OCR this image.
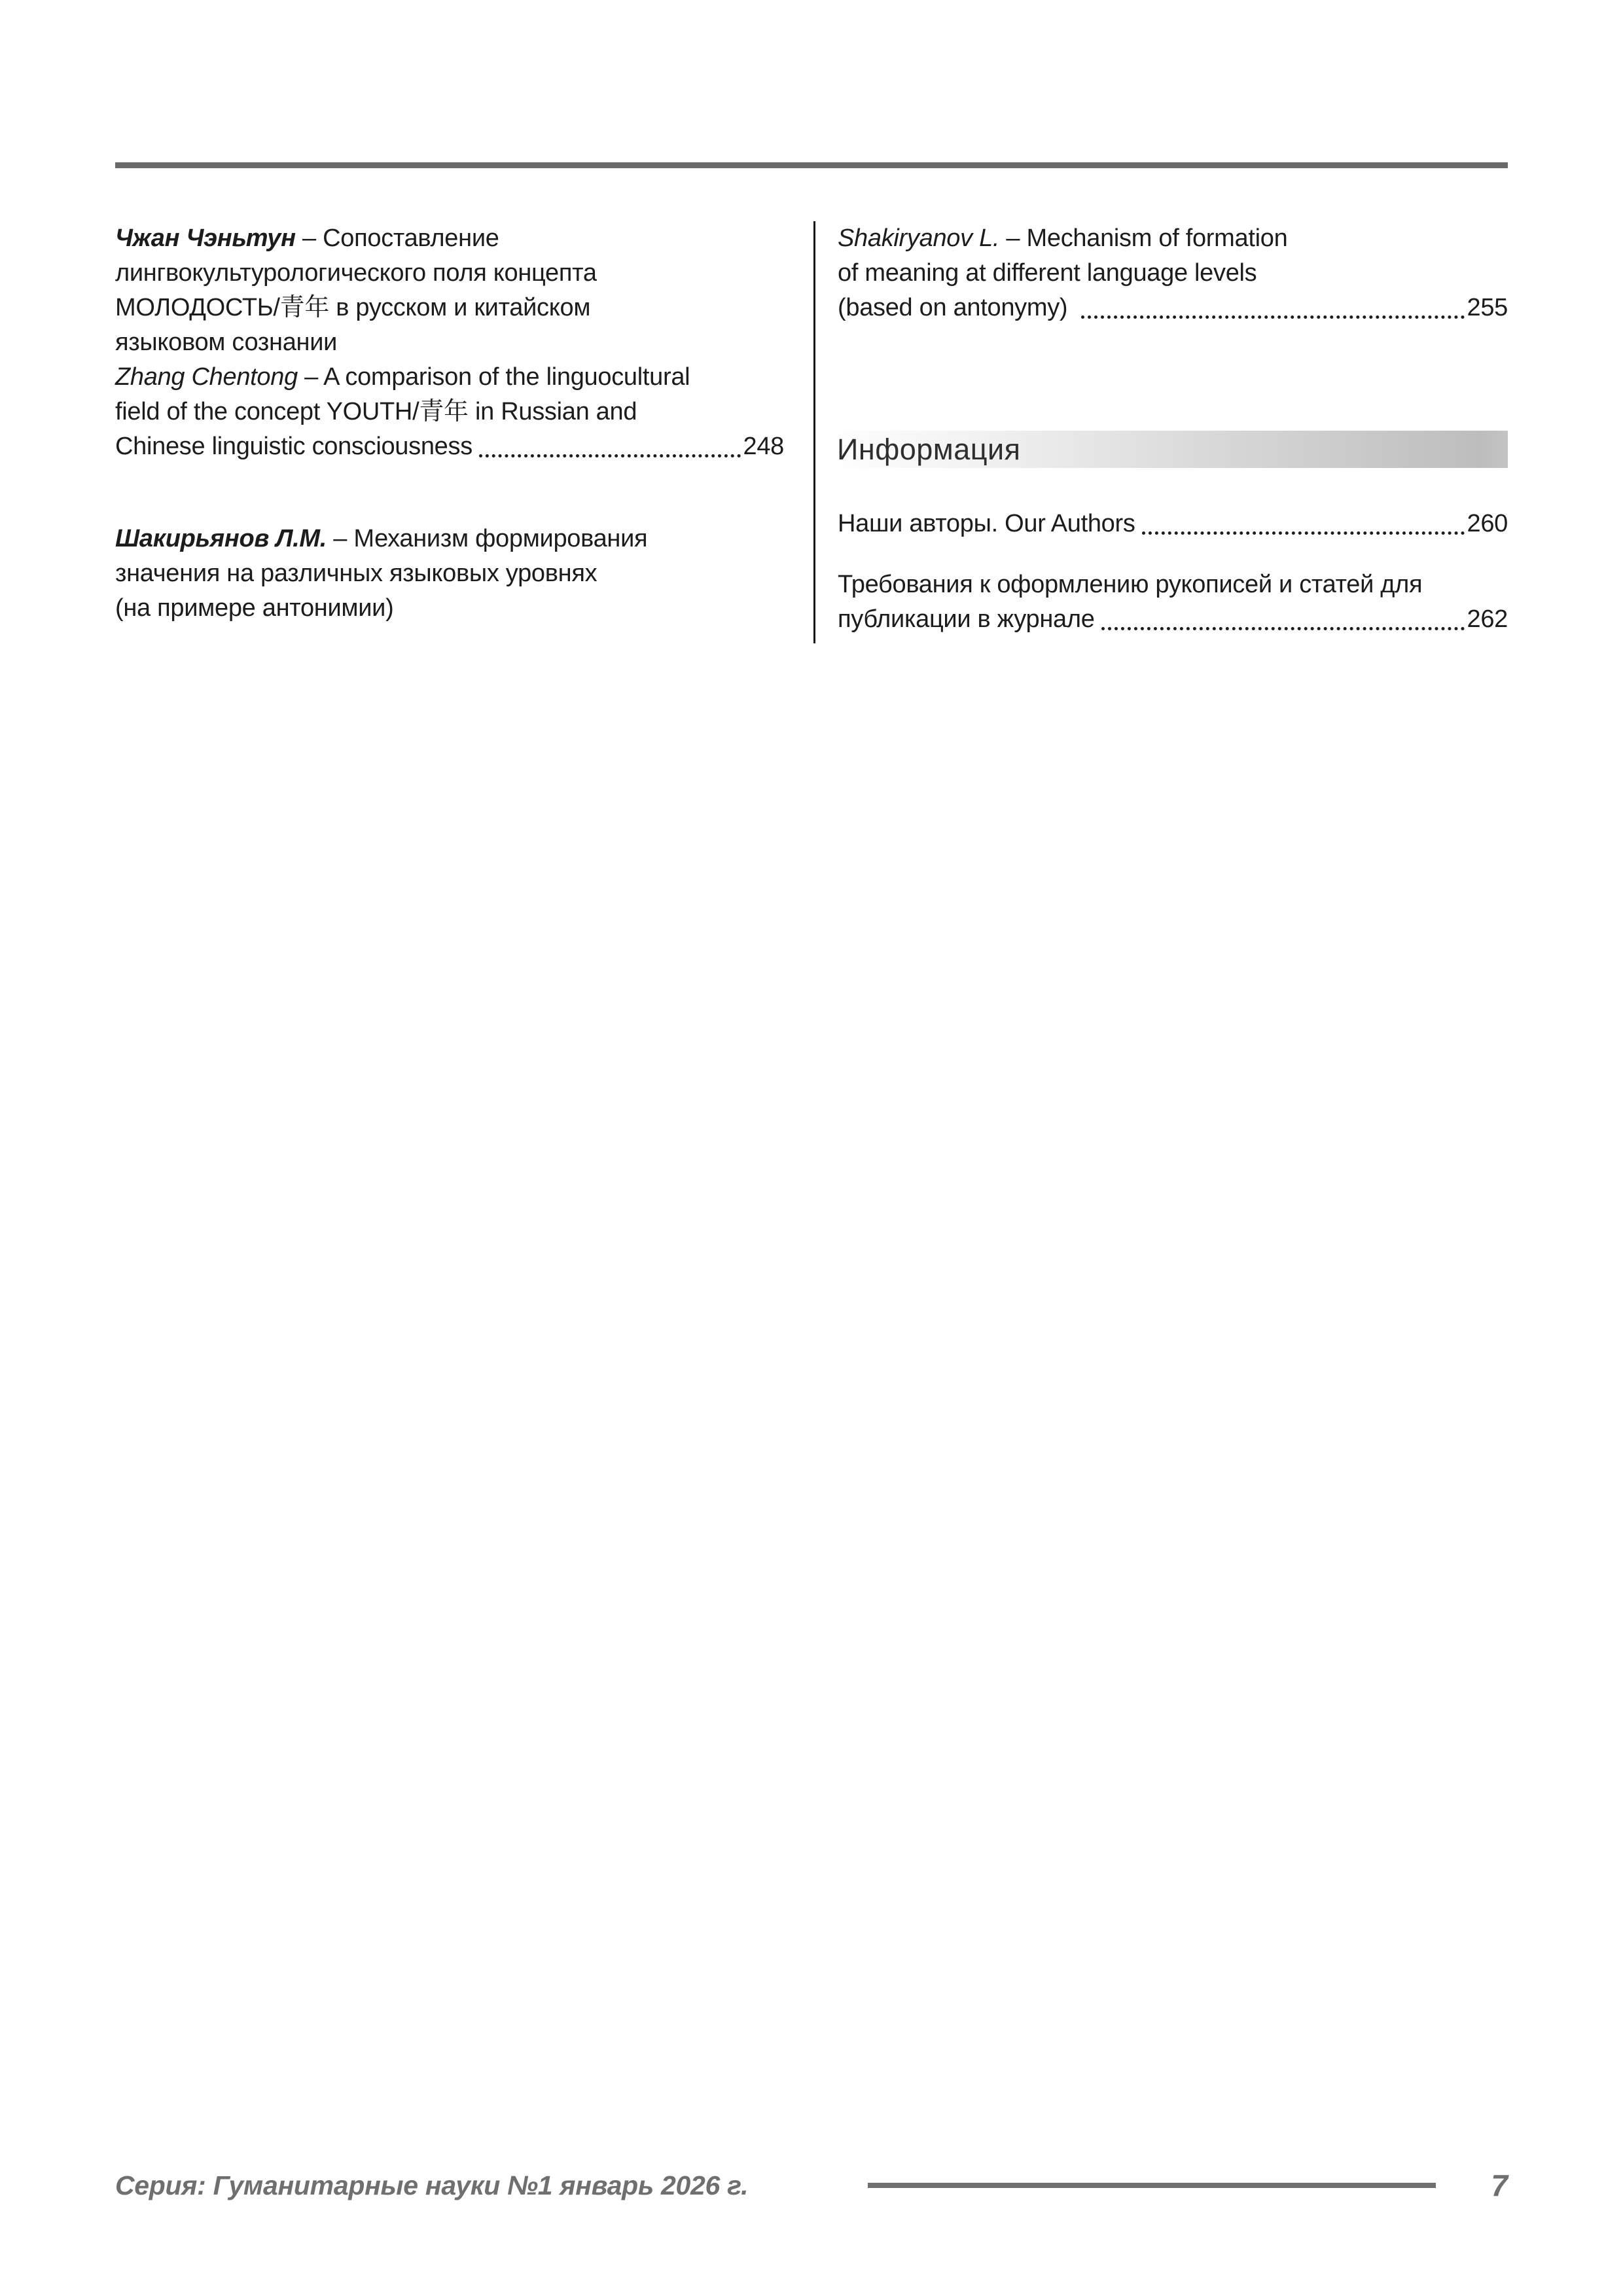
Чжан Чэньтун – Сопоставление

лингвокультурологического поля концепта

МОЛОДОСТЬ/青年 в русском и китайском

языковом сознании

Zhang Chentong – A comparison of the linguocultural

field of the concept YOUTH/青年 in Russian and

Chinese linguistic consciousness	248

Шакирьянов Л.М. – Механизм формирования

значения на различных языковых уровнях

(на примере антонимии)

Shakiryanov L. – Mechanism of formation

of meaning at different language levels

(based on antonymy)	255

Информация

Наши авторы. Our Authors	260

Требования к оформлению рукописей и статей для

публикации в журнале	262

Серия: Гуманитарные науки №1 январь 2026 г.	7
